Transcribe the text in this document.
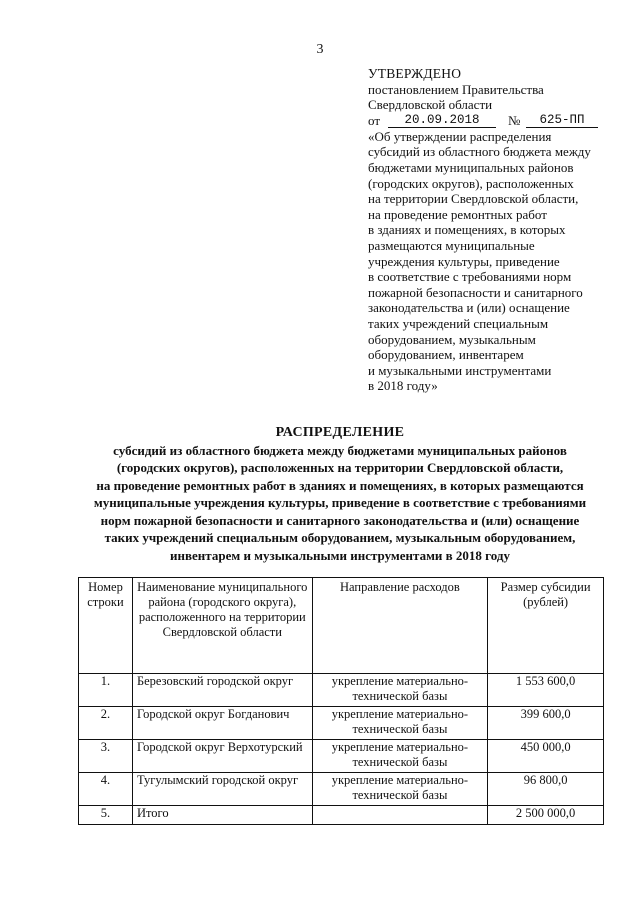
3
УТВЕРЖДЕНО
постановлением Правительства
Свердловской области
от	20.09.2018	№	625-ПП
«Об утверждении распределения
субсидий из областного бюджета между
бюджетами муниципальных районов
(городских округов), расположенных
на территории Свердловской области,
на проведение ремонтных работ
в зданиях и помещениях, в которых
размещаются муниципальные
учреждения культуры, приведение
в соответствие с требованиями норм
пожарной безопасности и санитарного
законодательства и (или) оснащение
таких учреждений специальным
оборудованием, музыкальным
оборудованием, инвентарем
и музыкальными инструментами
в 2018 году»
РАСПРЕДЕЛЕНИЕ
субсидий из областного бюджета между бюджетами муниципальных районов
(городских округов), расположенных на территории Свердловской области,
на проведение ремонтных работ в зданиях и помещениях, в которых размещаются
муниципальные учреждения культуры, приведение в соответствие с требованиями
норм пожарной безопасности и санитарного законодательства и (или) оснащение
таких учреждений специальным оборудованием, музыкальным оборудованием,
инвентарем и музыкальными инструментами в 2018 году
Номер строки	Наименование муниципального района (городского округа), расположенного на территории Свердловской области	Направление расходов	Размер субсидии (рублей)
1.	Березовский городской округ	укрепление материально-технической базы	1 553 600,0
2.	Городской округ Богданович	укрепление материально-технической базы	399 600,0
3.	Городской округ Верхотурский	укрепление материально-технической базы	450 000,0
4.	Тугулымский городской округ	укрепление материально-технической базы	96 800,0
5.	Итого		2 500 000,0
